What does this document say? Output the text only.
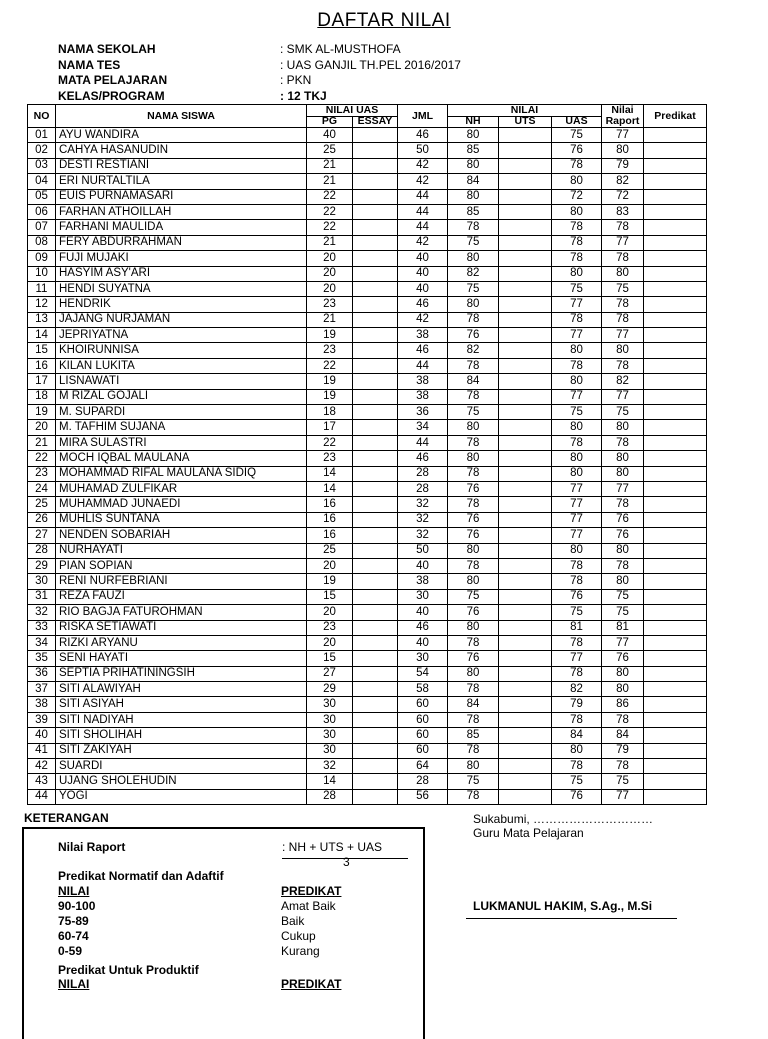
DAFTAR NILAI
NAMA SEKOLAH	: SMK AL-MUSTHOFA
NAMA TES	: UAS GANJIL TH.PEL 2016/2017
MATA PELAJARAN	: PKN
KELAS/PROGRAM	: 12 TKJ
NO	NAMA SISWA	NILAI UAS		JML	NILAI			Nilai Raport	Predikat
		PG	ESSAY		NH	UTS	UAS		
01	AYU WANDIRA	40		46	80		75	77	
02	CAHYA HASANUDIN	25		50	85		76	80	
03	DESTI RESTIANI	21		42	80		78	79	
04	ERI NURTALTILA	21		42	84		80	82	
05	EUIS PURNAMASARI	22		44	80		72	72	
06	FARHAN ATHOILLAH	22		44	85		80	83	
07	FARHANI MAULIDA	22		44	78		78	78	
08	FERY ABDURRAHMAN	21		42	75		78	77	
09	FUJI MUJAKI	20		40	80		78	78	
10	HASYIM ASY'ARI	20		40	82		80	80	
11	HENDI SUYATNA	20		40	75		75	75	
12	HENDRIK	23		46	80		77	78	
13	JAJANG NURJAMAN	21		42	78		78	78	
14	JEPRIYATNA	19		38	76		77	77	
15	KHOIRUNNISA	23		46	82		80	80	
16	KILAN LUKITA	22		44	78		78	78	
17	LISNAWATI	19		38	84		80	82	
18	M RIZAL GOJALI	19		38	78		77	77	
19	M. SUPARDI	18		36	75		75	75	
20	M. TAFHIM SUJANA	17		34	80		80	80	
21	MIRA SULASTRI	22		44	78		78	78	
22	MOCH IQBAL MAULANA	23		46	80		80	80	
23	MOHAMMAD RIFAL MAULANA SIDIQ	14		28	78		80	80	
24	MUHAMAD ZULFIKAR	14		28	76		77	77	
25	MUHAMMAD JUNAEDI	16		32	78		77	78	
26	MUHLIS SUNTANA	16		32	76		77	76	
27	NENDEN SOBARIAH	16		32	76		77	76	
28	NURHAYATI	25		50	80		80	80	
29	PIAN SOPIAN	20		40	78		78	78	
30	RENI NURFEBRIANI	19		38	80		78	80	
31	REZA FAUZI	15		30	75		76	75	
32	RIO BAGJA FATUROHMAN	20		40	76		75	75	
33	RISKA SETIAWATI	23		46	80		81	81	
34	RIZKI ARYANU	20		40	78		78	77	
35	SENI HAYATI	15		30	76		77	76	
36	SEPTIA PRIHATININGSIH	27		54	80		78	80	
37	SITI ALAWIYAH	29		58	78		82	80	
38	SITI ASIYAH	30		60	84		79	86	
39	SITI NADIYAH	30		60	78		78	78	
40	SITI SHOLIHAH	30		60	85		84	84	
41	SITI ZAKIYAH	30		60	78		80	79	
42	SUARDI	32		64	80		78	78	
43	UJANG SHOLEHUDIN	14		28	75		75	75	
44	YOGI	28		56	78		76	77	
KETERANGAN
Nilai Raport	: NH + UTS + UAS
3
Predikat Normatif dan Adaftif
NILAI	PREDIKAT
90-100	Amat Baik
75-89	Baik
60-74	Cukup
0-59	Kurang
Predikat Untuk Produktif
NILAI	PREDIKAT
Sukabumi, …………………………
Guru Mata Pelajaran
LUKMANUL HAKIM, S.Ag., M.Si
